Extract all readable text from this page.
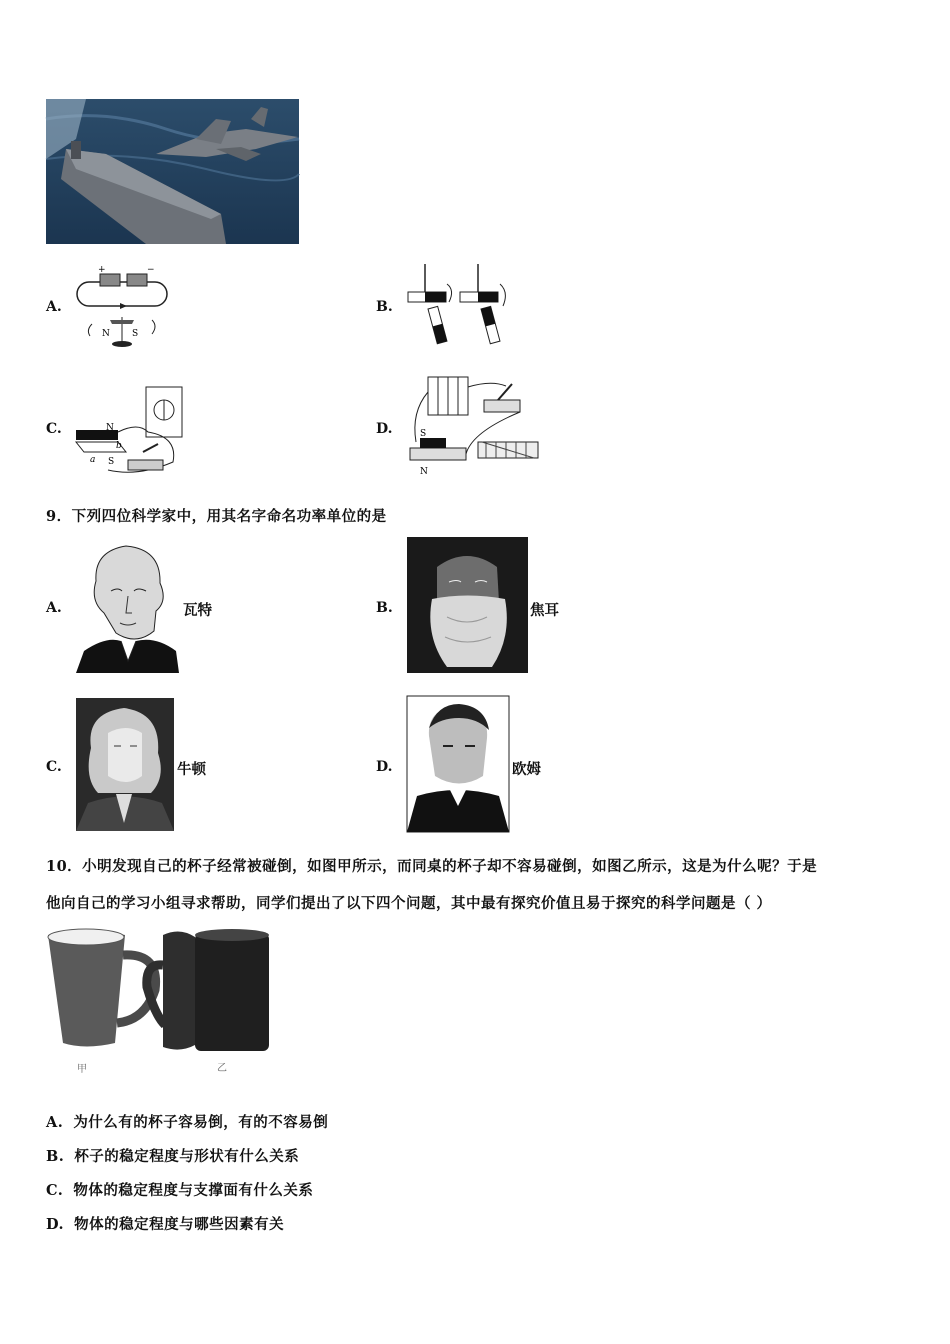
A.
+	−
N S
B.
C.	N
S
a
b
D.	S
N
9．下列四位科学家中，用其名字命名功率单位的是
A.	瓦特	B.	焦耳
C.	牛顿	D.	欧姆
10．小明发现自己的杯子经常被碰倒，如图甲所示，而同桌的杯子却不容易碰倒，如图乙所示，这是为什么呢？于是
他向自己的学习小组寻求帮助，同学们提出了以下四个问题，其中最有探究价值且易于探究的科学问题是（ ）
甲	乙
A. 为什么有的杯子容易倒，有的不容易倒
B. 杯子的稳定程度与形状有什么关系
C. 物体的稳定程度与支撑面有什么关系
D. 物体的稳定程度与哪些因素有关
